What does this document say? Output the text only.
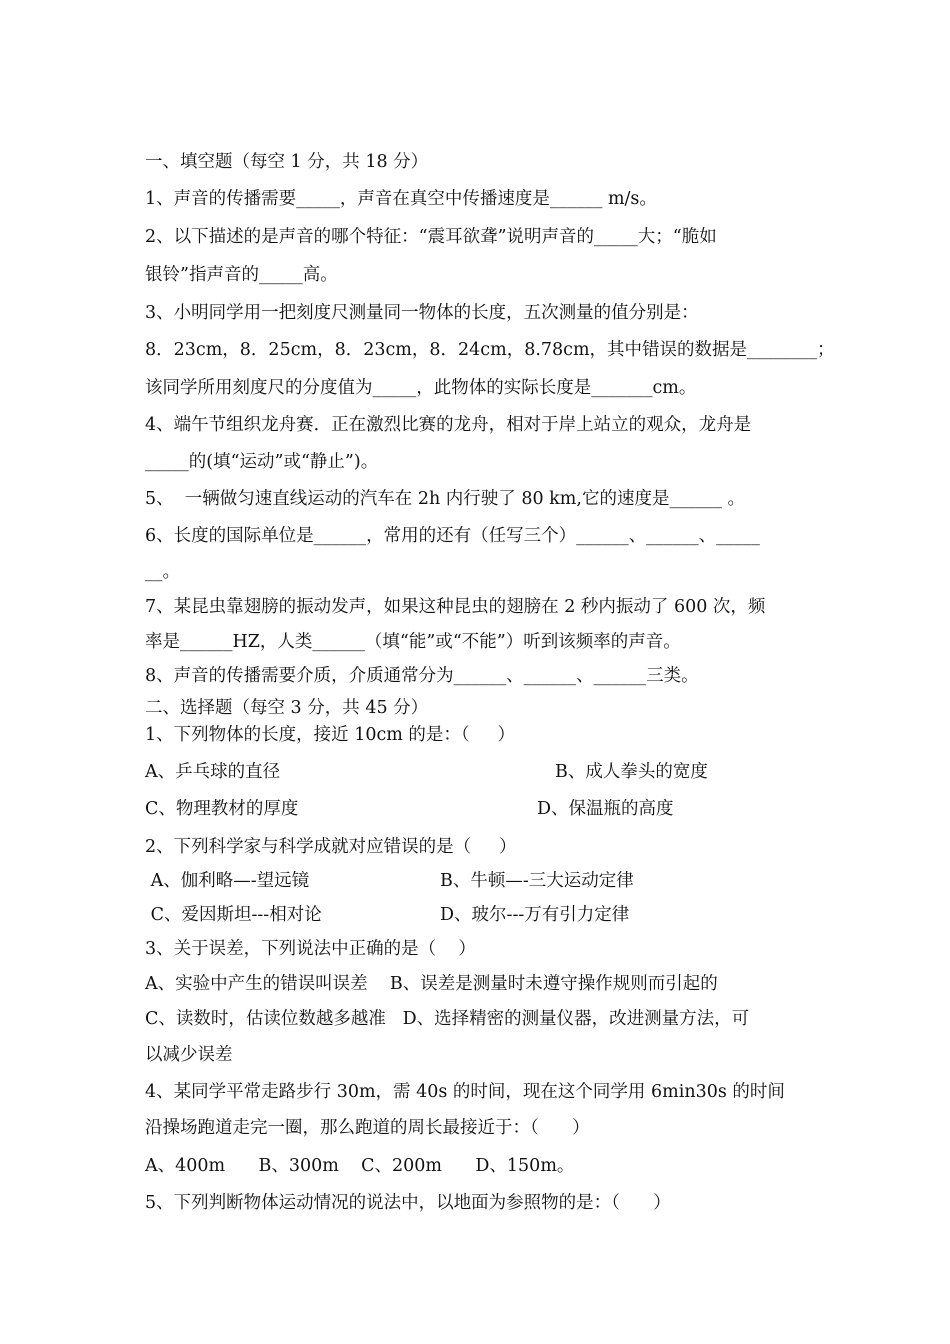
一、填空题（每空 1 分，共 18 分）
1、声音的传播需要_____，声音在真空中传播速度是______ m/s。
2、以下描述的是声音的哪个特征：“震耳欲聋”说明声音的_____大；“脆如
银铃”指声音的_____高。
3、小明同学用一把刻度尺测量同一物体的长度，五次测量的值分别是：
8．23cm，8．25cm，8．23cm，8．24cm，8.78cm，其中错误的数据是________；
该同学所用刻度尺的分度值为_____，此物体的实际长度是_______cm。
4、端午节组织龙舟赛．正在激烈比赛的龙舟，相对于岸上站立的观众，龙舟是
_____的(填“运动”或“静止”)。
5、  一辆做匀速直线运动的汽车在 2h 内行驶了 80 km,它的速度是______ 。
6、长度的国际单位是______，常用的还有（任写三个）______、______、_____
__。
7、某昆虫靠翅膀的振动发声，如果这种昆虫的翅膀在 2 秒内振动了 600 次，频
率是______HZ，人类______（填“能”或“不能”）听到该频率的声音。
8、声音的传播需要介质，介质通常分为______、______、______三类。
二、选择题（每空 3 分，共 45 分）
1、下列物体的长度，接近 10cm 的是：（     ）
A、乒乓球的直径	B、成人拳头的宽度
C、物理教材的厚度	D、保温瓶的高度
2、下列科学家与科学成就对应错误的是（     ）
A、伽利略—-望远镜	B、牛顿—-三大运动定律
C、爱因斯坦---相对论	D、玻尔---万有引力定律
3、关于误差，下列说法中正确的是（    ）
A、实验中产生的错误叫误差    B、误差是测量时未遵守操作规则而引起的
C、读数时，估读位数越多越准   D、选择精密的测量仪器，改进测量方法，可
以减少误差
4、某同学平常走路步行 30m，需 40s 的时间，现在这个同学用 6min30s 的时间
沿操场跑道走完一圈，那么跑道的周长最接近于：（      ）
A、400m      B、300m    C、200m      D、150m。
5、下列判断物体运动情况的说法中，以地面为参照物的是：（      ）
